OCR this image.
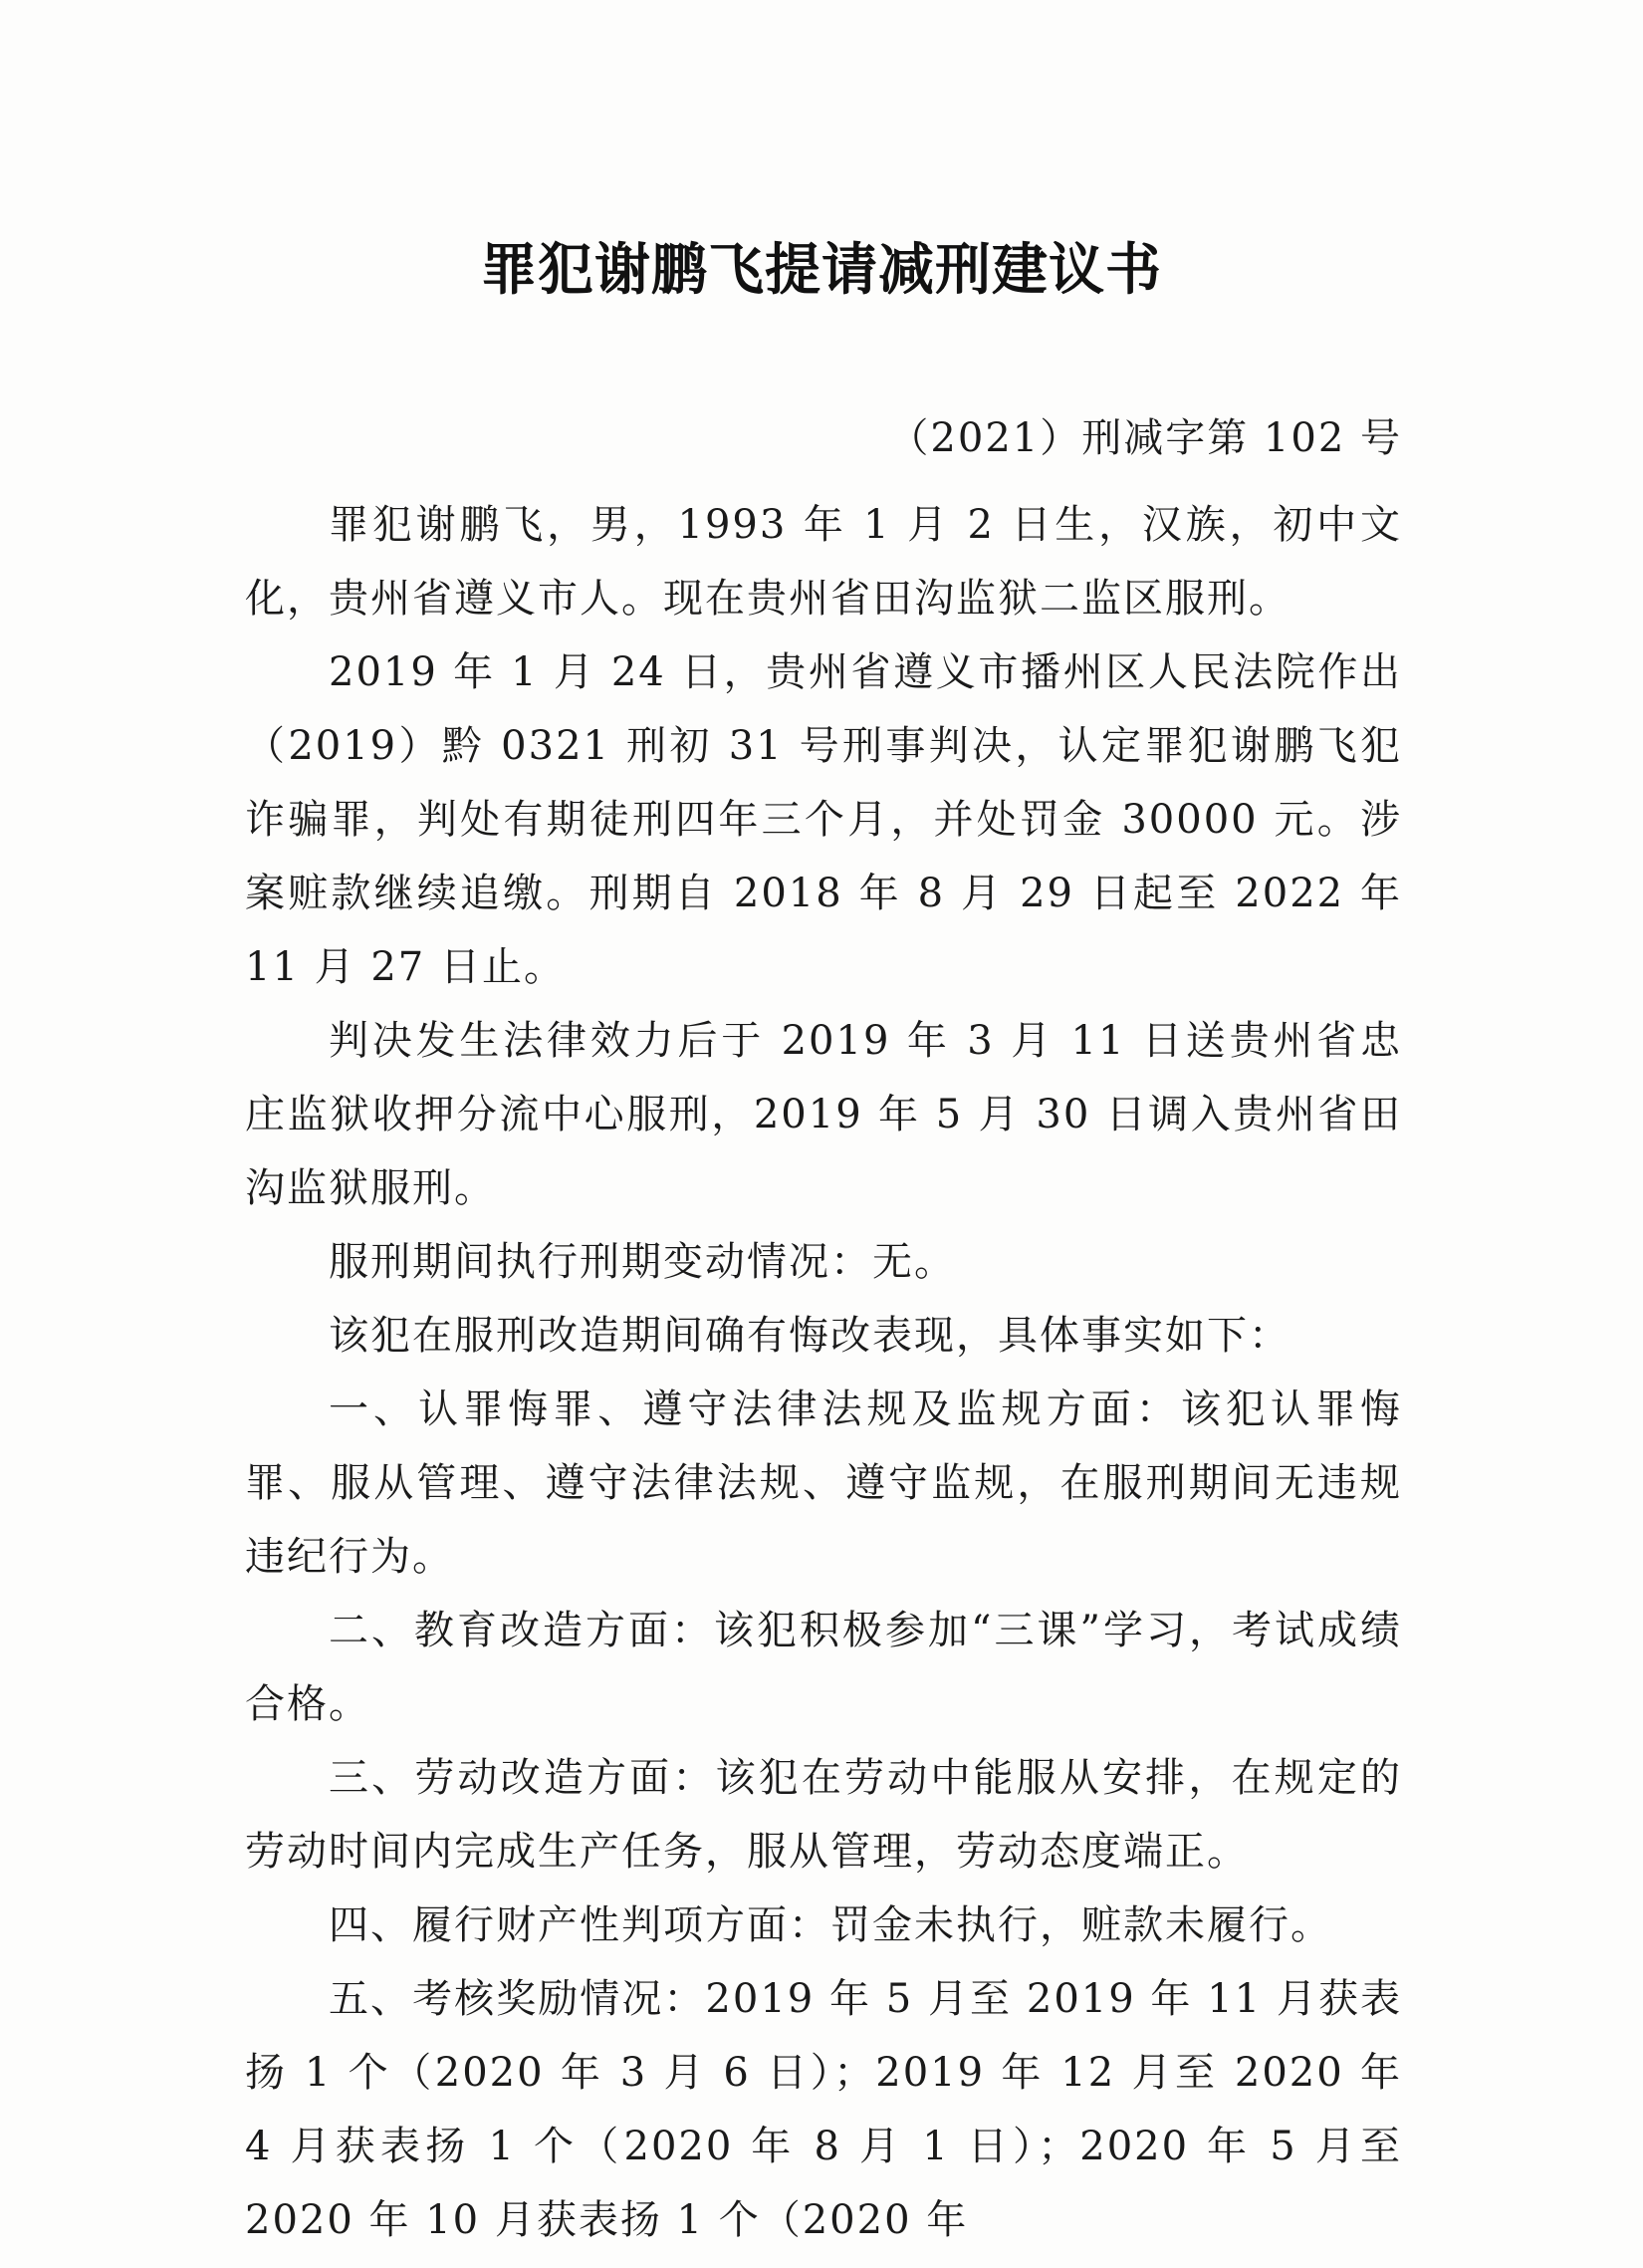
罪犯谢鹏飞提请减刑建议书
（2021）刑减字第 102 号

罪犯谢鹏飞，男，1993 年 1 月 2 日生，汉族，初中文化，贵州省遵义市人。现在贵州省田沟监狱二监区服刑。

2019 年 1 月 24 日，贵州省遵义市播州区人民法院作出（2019）黔 0321 刑初 31 号刑事判决，认定罪犯谢鹏飞犯诈骗罪，判处有期徒刑四年三个月，并处罚金 30000 元。涉案赃款继续追缴。刑期自 2018 年 8 月 29 日起至 2022 年 11 月 27 日止。

判决发生法律效力后于 2019 年 3 月 11 日送贵州省忠庄监狱收押分流中心服刑，2019 年 5 月 30 日调入贵州省田沟监狱服刑。

服刑期间执行刑期变动情况：无。

该犯在服刑改造期间确有悔改表现，具体事实如下：

一、认罪悔罪、遵守法律法规及监规方面：该犯认罪悔罪、服从管理、遵守法律法规、遵守监规，在服刑期间无违规违纪行为。

二、教育改造方面：该犯积极参加“三课”学习，考试成绩合格。

三、劳动改造方面：该犯在劳动中能服从安排，在规定的劳动时间内完成生产任务，服从管理，劳动态度端正。

四、履行财产性判项方面：罚金未执行，赃款未履行。

五、考核奖励情况：2019 年 5 月至 2019 年 11 月获表扬 1 个（2020 年 3 月 6 日）；2019 年 12 月至 2020 年 4 月获表扬 1 个（2020 年 8 月 1 日）；2020 年 5 月至 2020 年 10 月获表扬 1 个（2020 年
